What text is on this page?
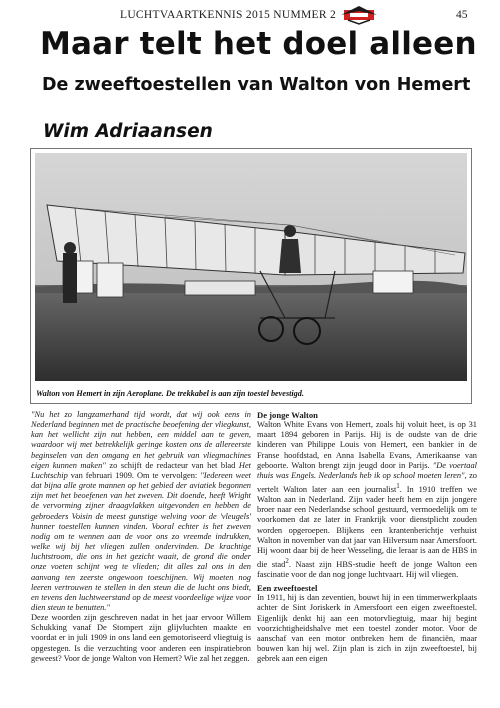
LUCHTVAARTKENNIS 2015 NUMMER 2	45
Maar telt het doel alleen
De zweeftoestellen van Walton von Hemert
Wim Adriaansen
Walton von Hemert in zijn Aeroplane. De trekkabel is aan zijn toestel bevestigd.

"Nu het zo langzamerhand tijd wordt, dat wij ook eens in Nederland beginnen met de practische beoefening der vliegkunst, kan het wellicht zijn nut hebben, een middel aan te geven, waardoor wij met betrekkelijk geringe kosten ons de allereerste beginselen van den omgang en het gebruik van vliegmachines eigen kunnen maken" zo schijft de redacteur van het blad Het Luchtschip van februari 1909. Om te vervolgen: "Iedereen weet dat bijna alle grote mannen op het gebied der aviatiek begonnen zijn met het beoefenen van het zweven. Dit doende, heeft Wright de vervorming zijner draagvlakken uitgevonden en hebben de gebroeders Voisin de meest gunstige welving voor de 'vleugels' hunner toestellen kunnen vinden. Vooral echter is het zweven nodig om te wennen aan de voor ons zo vreemde indrukken, welke wij bij het vliegen zullen ondervinden. De krachtige luchtstroom, die ons in het gezicht waait, de grond die onder onze voeten schijnt weg te vlieden; dit alles zal ons in den aanvang ten zeerste ongewoon toeschijnen. Wij moeten nog leeren vertrouwen te stellen in den steun die de lucht ons biedt, en tevens den luchtweerstand op de meest voordeelige wijze voor dien steun te benutten."

Deze woorden zijn geschreven nadat in het jaar ervoor Willem Schukking vanaf De Stompert zijn glijvluchten maakte en voordat er in juli 1909 in ons land een gemotoriseerd vliegtuig is opgestegen. Is die verzuchting voor anderen een inspiratiebron geweest? Voor de jonge Walton von Hemert? Wie zal het zeggen.

De jonge Walton

Walton White Evans von Hemert, zoals hij voluit heet, is op 31 maart 1894 geboren in Parijs. Hij is de oudste van de drie kinderen van Philippe Louis von Hemert, een bankier in de Franse hoofdstad, en Anna Isabella Evans, Amerikaanse van geboorte. Walton brengt zijn jeugd door in Parijs. "De voertaal thuis was Engels. Nederlands heb ik op school moeten leren", zo vertelt Walton later aan een journalist$^1$. In 1910 treffen we Walton aan in Nederland. Zijn vader heeft hem en zijn jongere broer naar een Nederlandse school gestuurd, vermoedelijk om te voorkomen dat ze later in Frankrijk voor dienstplicht zouden worden opgeroepen. Blijkens een krantenberichtje verhuist Walton in november van dat jaar van Hilversum naar Amersfoort. Hij woont daar bij de heer Wesseling, die leraar is aan de HBS in die stad$^2$. Naast zijn HBS-studie heeft de jonge Walton een fascinatie voor de dan nog jonge luchtvaart. Hij wil vliegen.

Een zweeftoestel

In 1911, hij is dan zeventien, bouwt hij in een timmerwerkplaats achter de Sint Joriskerk in Amersfoort een eigen zweeftoestel. Eigenlijk denkt hij aan een motorvliegtuig, maar hij begint voorzichtigheidshalve met een toestel zonder motor. Voor de aanschaf van een motor ontbreken hem de financiën, maar bouwen kan hij wel. Zijn plan is zich in zijn zweeftoestel, bij gebrek aan een eigen
